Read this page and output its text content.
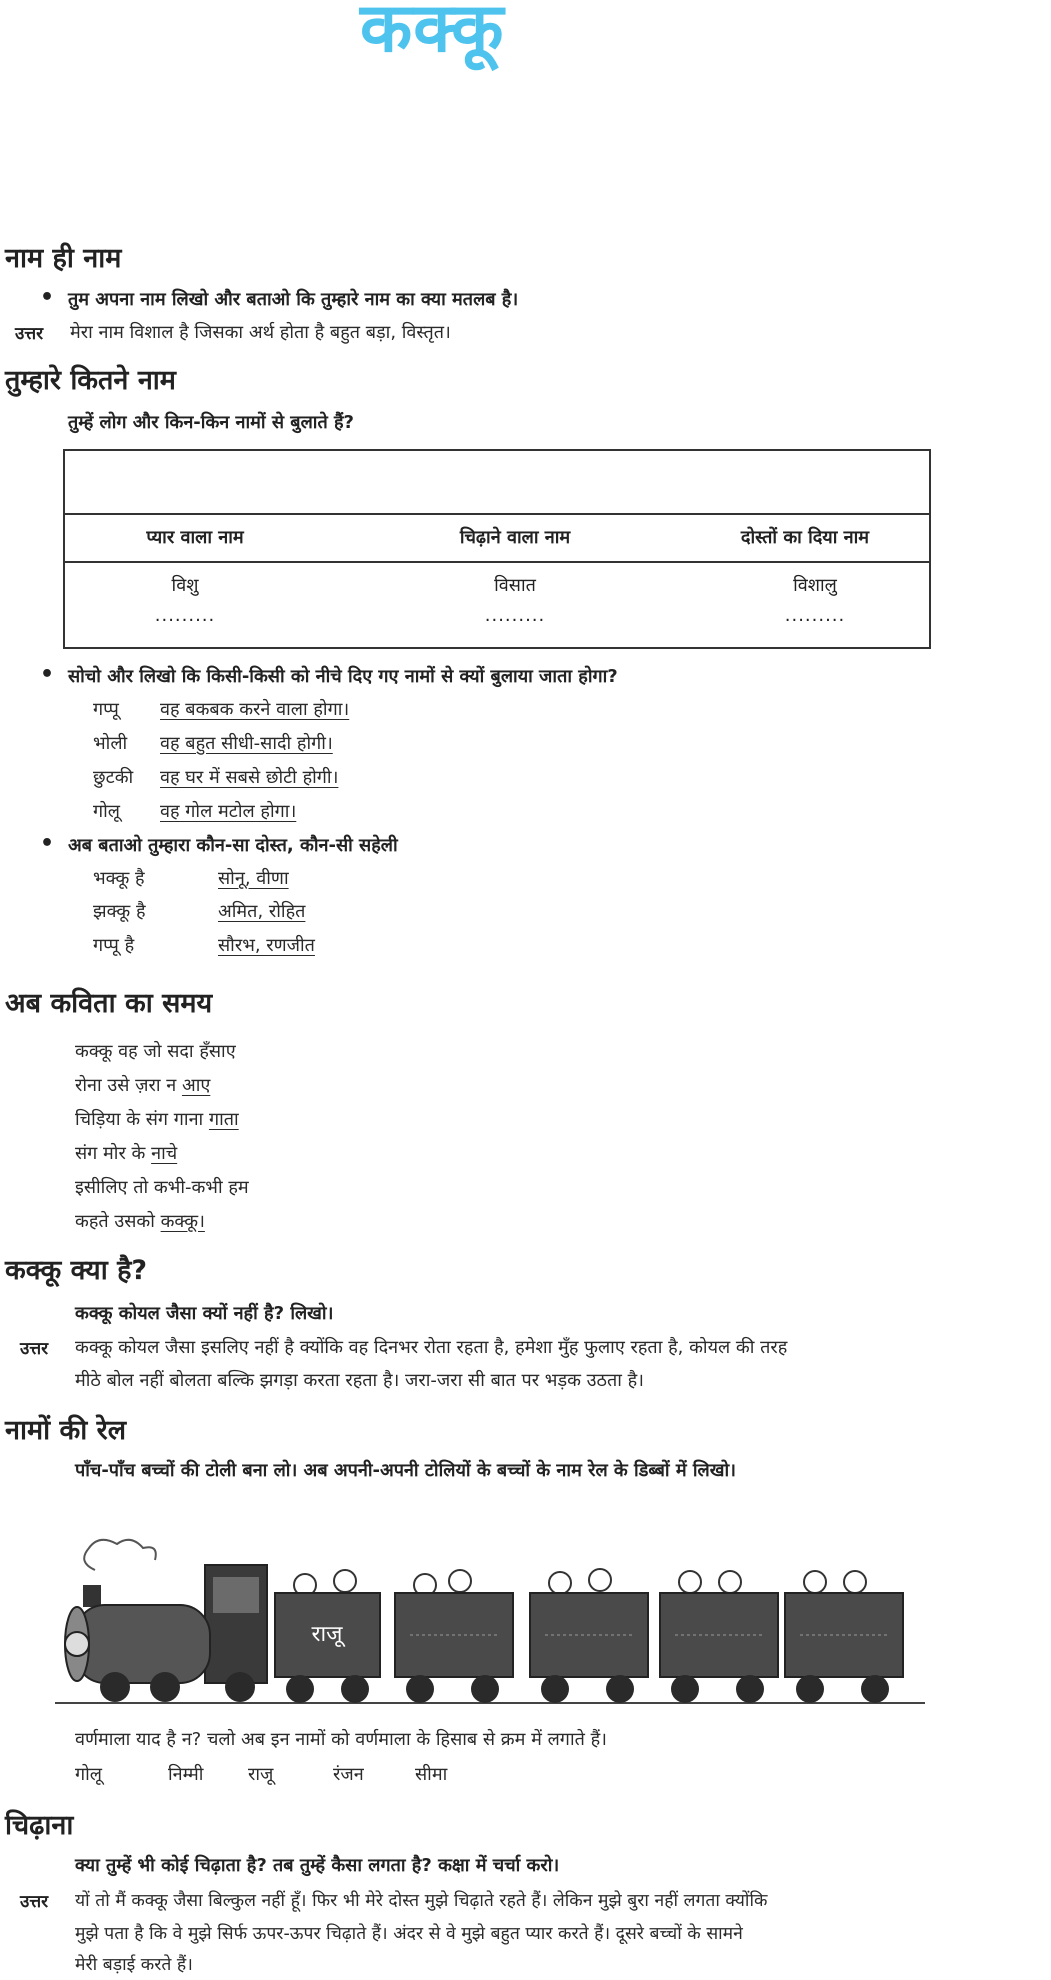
कक्कू
नाम ही नाम
• तुम अपना नाम लिखो और बताओ कि तुम्हारे नाम का क्या मतलब है।
उत्तर मेरा नाम विशाल है जिसका अर्थ होता है बहुत बड़ा, विस्तृत।
तुम्हारे कितने नाम
तुम्हें लोग और किन-किन नामों से बुलाते हैं?
प्यार वाला नाम	चिढ़ाने वाला नाम	दोस्तों का दिया नाम
विशु	विसात	विशालु
.........	.........	.........
• सोचो और लिखो कि किसी-किसी को नीचे दिए गए नामों से क्यों बुलाया जाता होगा?
गप्पू वह बकबक करने वाला होगा।
भोली वह बहुत सीधी-सादी होगी।
छुटकी वह घर में सबसे छोटी होगी।
गोलू वह गोल मटोल होगा।
• अब बताओ तुम्हारा कौन-सा दोस्त, कौन-सी सहेली
भक्कू है	सोनू, वीणा
झक्कू है	अमित, रोहित
गप्पू है	सौरभ, रणजीत
अब कविता का समय
कक्कू वह जो सदा हँसाए
रोना उसे ज़रा न आए
चिड़िया के संग गाना गाता
संग मोर के नाचे
इसीलिए तो कभी-कभी हम
कहते उसको कक्कू।
कक्कू क्या है?
कक्कू कोयल जैसा क्यों नहीं है? लिखो।
उत्तर कक्कू कोयल जैसा इसलिए नहीं है क्योंकि वह दिनभर रोता रहता है, हमेशा मुँह फुलाए रहता है, कोयल की तरह
मीठे बोल नहीं बोलता बल्कि झगड़ा करता रहता है। जरा-जरा सी बात पर भड़क उठता है।
नामों की रेल
पाँच-पाँच बच्चों की टोली बना लो। अब अपनी-अपनी टोलियों के बच्चों के नाम रेल के डिब्बों में लिखो।
राजू
वर्णमाला याद है न? चलो अब इन नामों को वर्णमाला के हिसाब से क्रम में लगाते हैं।
गोलू	निम्मी राजू	रंजन	सीमा
चिढ़ाना
क्या तुम्हें भी कोई चिढ़ाता है? तब तुम्हें कैसा लगता है? कक्षा में चर्चा करो।
उत्तर यों तो मैं कक्कू जैसा बिल्कुल नहीं हूँ। फिर भी मेरे दोस्त मुझे चिढ़ाते रहते हैं। लेकिन मुझे बुरा नहीं लगता क्योंकि
मुझे पता है कि वे मुझे सिर्फ ऊपर-ऊपर चिढ़ाते हैं। अंदर से वे मुझे बहुत प्यार करते हैं। दूसरे बच्चों के सामने
मेरी बड़ाई करते हैं।
